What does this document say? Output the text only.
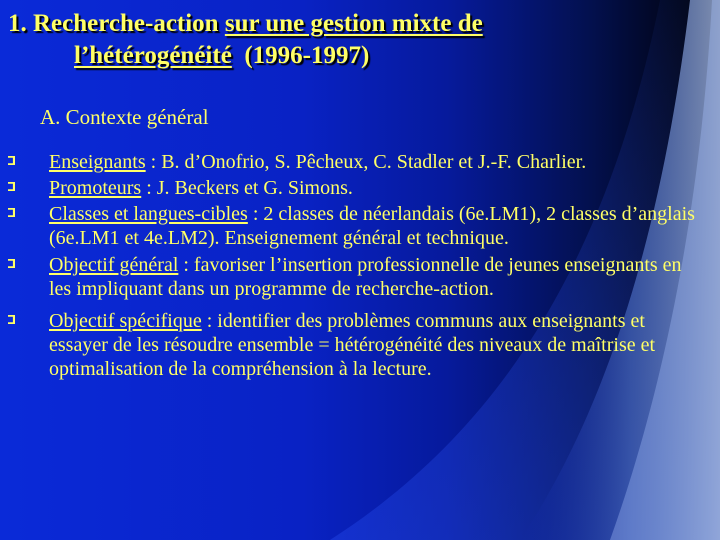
1. Recherche-action sur une gestion mixte de
l’hétérogénéité  (1996-1997)
A. Contexte général
Enseignants : B. d’Onofrio, S. Pêcheux, C. Stadler et J.-F. Charlier.
Promoteurs : J. Beckers et G. Simons.
Classes et langues-cibles : 2 classes de néerlandais (6e.LM1), 2 classes d’anglais (6e.LM1 et 4e.LM2). Enseignement général et technique.
Objectif général : favoriser l’insertion professionnelle de jeunes enseignants en les impliquant dans un programme de recherche-action.
Objectif spécifique : identifier des problèmes communs aux enseignants et essayer de les résoudre ensemble = hétérogénéité des niveaux de maîtrise et optimalisation de la compréhension à la lecture.
